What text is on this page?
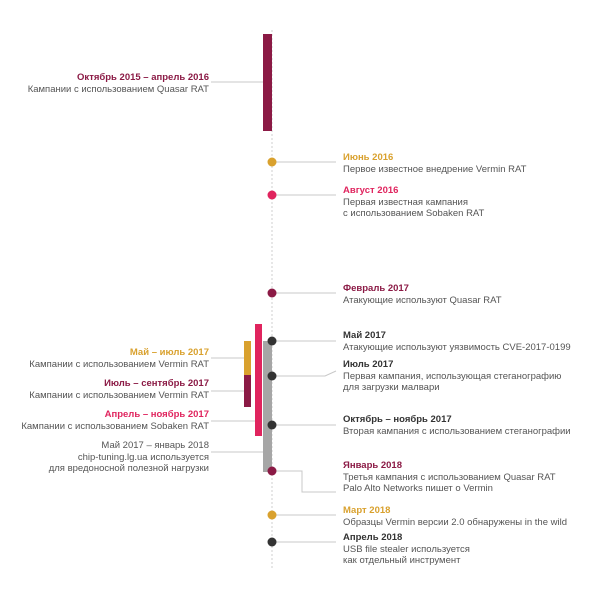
Октябрь 2015 – апрель 2016
Кампании с использованием Quasar RAT
Май – июль 2017
Кампании с использованием Vermin RAT
Июль – сентябрь 2017
Кампании с использованием Vermin RAT
Апрель – ноябрь 2017
Кампании с использованием Sobaken RAT
Май 2017 – январь 2018
chip-tuning.lg.ua используется
для вредоносной полезной нагрузки
Июнь 2016
Первое известное внедрение Vermin RAT
Август 2016
Первая известная кампания
с использованием Sobaken RAT
Февраль 2017
Атакующие используют Quasar RAT
Май 2017
Атакующие используют уязвимость CVE-2017-0199
Июль 2017
Первая кампания, использующая стеганографию
для загрузки малвари
Октябрь – ноябрь 2017
Вторая кампания с использованием стеганографии
Январь 2018
Третья кампания с использованием Quasar RAT
Palo Alto Networks пишет о Vermin
Март 2018
Образцы Vermin версии 2.0 обнаружены in the wild
Апрель 2018
USB file stealer используется
как отдельный инструмент
